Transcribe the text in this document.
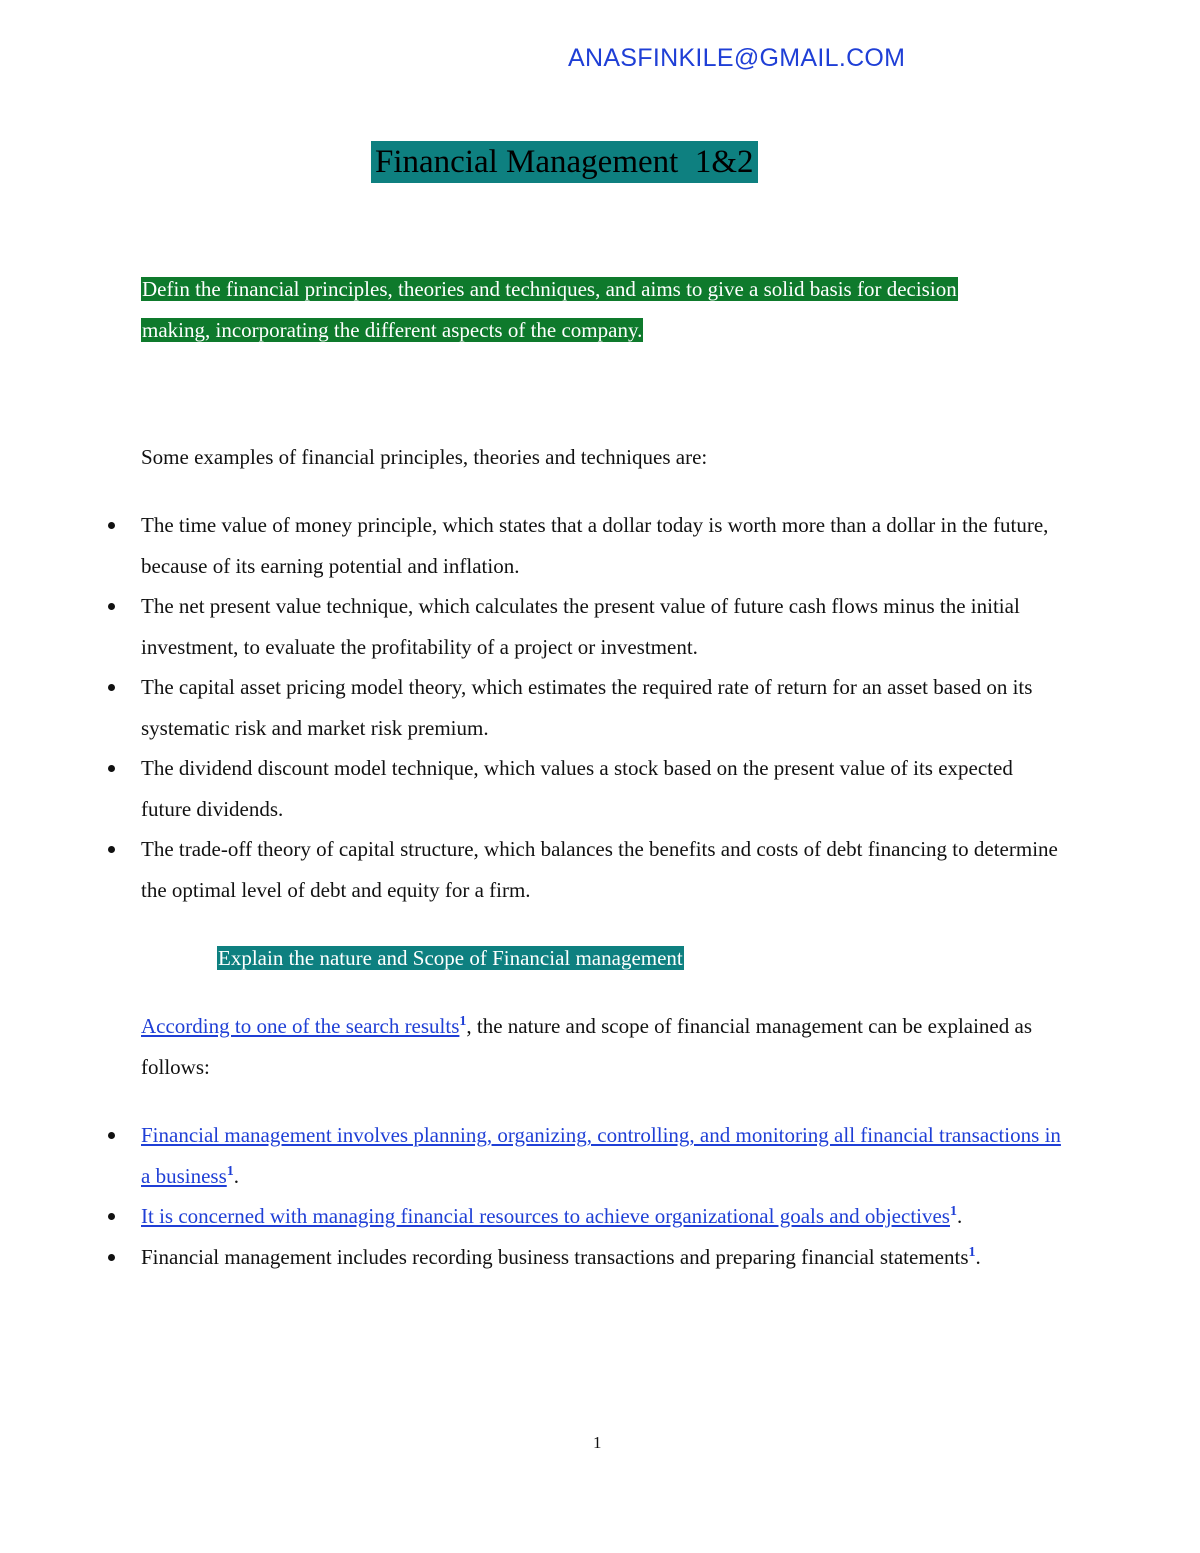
ANASFINKILE@GMAIL.COM
Financial Management  1&2
Defin the financial principles, theories and techniques, and aims to give a solid basis for decision
making, incorporating the different aspects of the company.
Some examples of financial principles, theories and techniques are:
The time value of money principle, which states that a dollar today is worth more than a dollar in the future, because of its earning potential and inflation.
The net present value technique, which calculates the present value of future cash flows minus the initial investment, to evaluate the profitability of a project or investment.
The capital asset pricing model theory, which estimates the required rate of return for an asset based on its systematic risk and market risk premium.
The dividend discount model technique, which values a stock based on the present value of its expected future dividends.
The trade-off theory of capital structure, which balances the benefits and costs of debt financing to determine the optimal level of debt and equity for a firm.
Explain the nature and Scope of Financial management
According to one of the search results$^1$, the nature and scope of financial management can be explained as follows:
Financial management involves planning, organizing, controlling, and monitoring all financial transactions in a business$^1$.
It is concerned with managing financial resources to achieve organizational goals and objectives$^1$.
Financial management includes recording business transactions and preparing financial statements$^1$.
1
